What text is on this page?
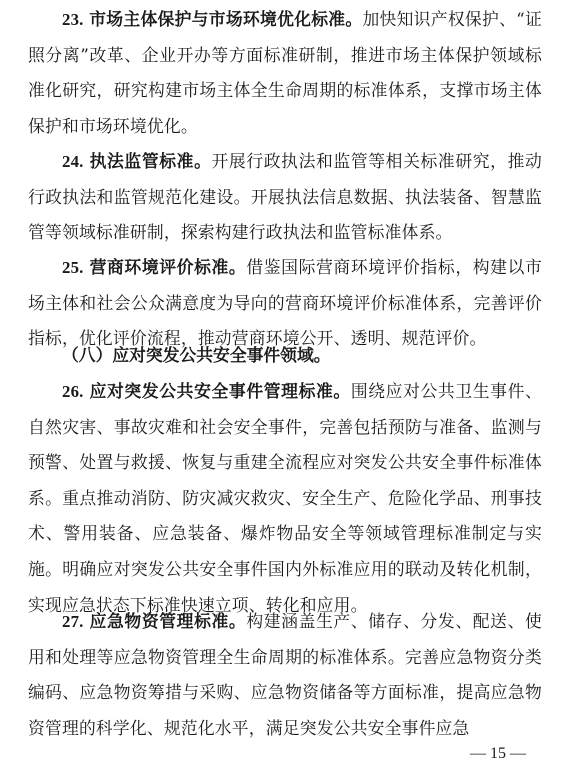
23. 市场主体保护与市场环境优化标准。加快知识产权保护、“证照分离”改革、企业开办等方面标准研制，推进市场主体保护领域标准化研究，研究构建市场主体全生命周期的标准体系，支撑市场主体保护和市场环境优化。

24. 执法监管标准。开展行政执法和监管等相关标准研究，推动行政执法和监管规范化建设。开展执法信息数据、执法装备、智慧监管等领域标准研制，探索构建行政执法和监管标准体系。

25. 营商环境评价标准。借鉴国际营商环境评价指标，构建以市场主体和社会公众满意度为导向的营商环境评价标准体系，完善评价指标，优化评价流程，推动营商环境公开、透明、规范评价。

（八）应对突发公共安全事件领域。

26. 应对突发公共安全事件管理标准。围绕应对公共卫生事件、自然灾害、事故灾难和社会安全事件，完善包括预防与准备、监测与预警、处置与救援、恢复与重建全流程应对突发公共安全事件标准体系。重点推动消防、防灾减灾救灾、安全生产、危险化学品、刑事技术、警用装备、应急装备、爆炸物品安全等领域管理标准制定与实施。明确应对突发公共安全事件国内外标准应用的联动及转化机制，实现应急状态下标准快速立项、转化和应用。

27. 应急物资管理标准。构建涵盖生产、储存、分发、配送、使用和处理等应急物资管理全生命周期的标准体系。完善应急物资分类编码、应急物资筹措与采购、应急物资储备等方面标准，提高应急物资管理的科学化、规范化水平，满足突发公共安全事件应急

— 15 —
